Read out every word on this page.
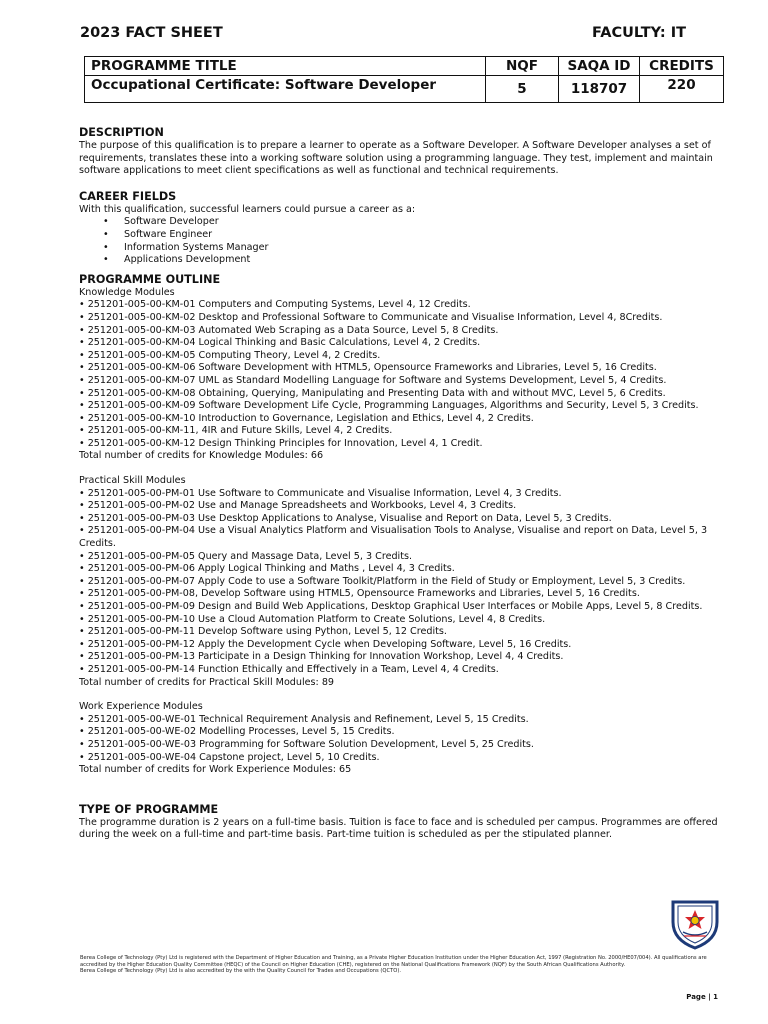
2023 FACT SHEET	FACULTY: IT
PROGRAMME TITLE	NQF	SAQA ID	CREDITS
Occupational Certificate: Software Developer	5	118707	220

DESCRIPTION

The purpose of this qualification is to prepare a learner to operate as a Software Developer. A Software Developer analyses a set of requirements, translates these into a working software solution using a programming language. They test, implement and maintain software applications to meet client specifications as well as functional and technical requirements.

CAREER FIELDS

With this qualification, successful learners could pursue a career as a:

• Software Developer
• Software Engineer
• Information Systems Manager
• Applications Development

PROGRAMME OUTLINE

Knowledge Modules

• 251201-005-00-KM-01 Computers and Computing Systems, Level 4, 12 Credits.

• 251201-005-00-KM-02 Desktop and Professional Software to Communicate and Visualise Information, Level 4, 8Credits.

• 251201-005-00-KM-03 Automated Web Scraping as a Data Source, Level 5, 8 Credits.

• 251201-005-00-KM-04 Logical Thinking and Basic Calculations, Level 4, 2 Credits.

• 251201-005-00-KM-05 Computing Theory, Level 4, 2 Credits.

• 251201-005-00-KM-06 Software Development with HTML5, Opensource Frameworks and Libraries, Level 5, 16 Credits.

• 251201-005-00-KM-07 UML as Standard Modelling Language for Software and Systems Development, Level 5, 4 Credits.

• 251201-005-00-KM-08 Obtaining, Querying, Manipulating and Presenting Data with and without MVC, Level 5, 6 Credits.

• 251201-005-00-KM-09 Software Development Life Cycle, Programming Languages, Algorithms and Security, Level 5, 3 Credits.

• 251201-005-00-KM-10 Introduction to Governance, Legislation and Ethics, Level 4, 2 Credits.

• 251201-005-00-KM-11, 4IR and Future Skills, Level 4, 2 Credits.

• 251201-005-00-KM-12 Design Thinking Principles for Innovation, Level 4, 1 Credit.

Total number of credits for Knowledge Modules: 66

Practical Skill Modules

• 251201-005-00-PM-01 Use Software to Communicate and Visualise Information, Level 4, 3 Credits.

• 251201-005-00-PM-02 Use and Manage Spreadsheets and Workbooks, Level 4, 3 Credits.

• 251201-005-00-PM-03 Use Desktop Applications to Analyse, Visualise and Report on Data, Level 5, 3 Credits.

• 251201-005-00-PM-04 Use a Visual Analytics Platform and Visualisation Tools to Analyse, Visualise and report on Data, Level 5, 3 Credits.

• 251201-005-00-PM-05 Query and Massage Data, Level 5, 3 Credits.

• 251201-005-00-PM-06 Apply Logical Thinking and Maths , Level 4, 3 Credits.

• 251201-005-00-PM-07 Apply Code to use a Software Toolkit/Platform in the Field of Study or Employment, Level 5, 3 Credits.

• 251201-005-00-PM-08, Develop Software using HTML5, Opensource Frameworks and Libraries, Level 5, 16 Credits.

• 251201-005-00-PM-09 Design and Build Web Applications, Desktop Graphical User Interfaces or Mobile Apps, Level 5, 8 Credits.

• 251201-005-00-PM-10 Use a Cloud Automation Platform to Create Solutions, Level 4, 8 Credits.

• 251201-005-00-PM-11 Develop Software using Python, Level 5, 12 Credits.

• 251201-005-00-PM-12 Apply the Development Cycle when Developing Software, Level 5, 16 Credits.

• 251201-005-00-PM-13 Participate in a Design Thinking for Innovation Workshop, Level 4, 4 Credits.

• 251201-005-00-PM-14 Function Ethically and Effectively in a Team, Level 4, 4 Credits.

Total number of credits for Practical Skill Modules: 89

Work Experience Modules

• 251201-005-00-WE-01 Technical Requirement Analysis and Refinement, Level 5, 15 Credits.

• 251201-005-00-WE-02 Modelling Processes, Level 5, 15 Credits.

• 251201-005-00-WE-03 Programming for Software Solution Development, Level 5, 25 Credits.

• 251201-005-00-WE-04 Capstone project, Level 5, 10 Credits.

Total number of credits for Work Experience Modules: 65

TYPE OF PROGRAMME

The programme duration is 2 years on a full-time basis. Tuition is face to face and is scheduled per campus. Programmes are offered during the week on a full-time and part-time basis. Part-time tuition is scheduled as per the stipulated planner.

Berea College of Technology (Pty) Ltd is registered with the Department of Higher Education and Training, as a Private Higher Education Institution under the Higher Education Act, 1997 (Registration No. 2000/HE07/004). All qualifications are accredited by the Higher Education Quality Committee (HEQC) of the Council on Higher Education (CHE), registered on the National Qualifications Framework (NQF) by the South African Qualifications Authority.

Berea College of Technology (Pty) Ltd is also accredited by the with the Quality Council for Trades and Occupations (QCTO).

Page | 1
